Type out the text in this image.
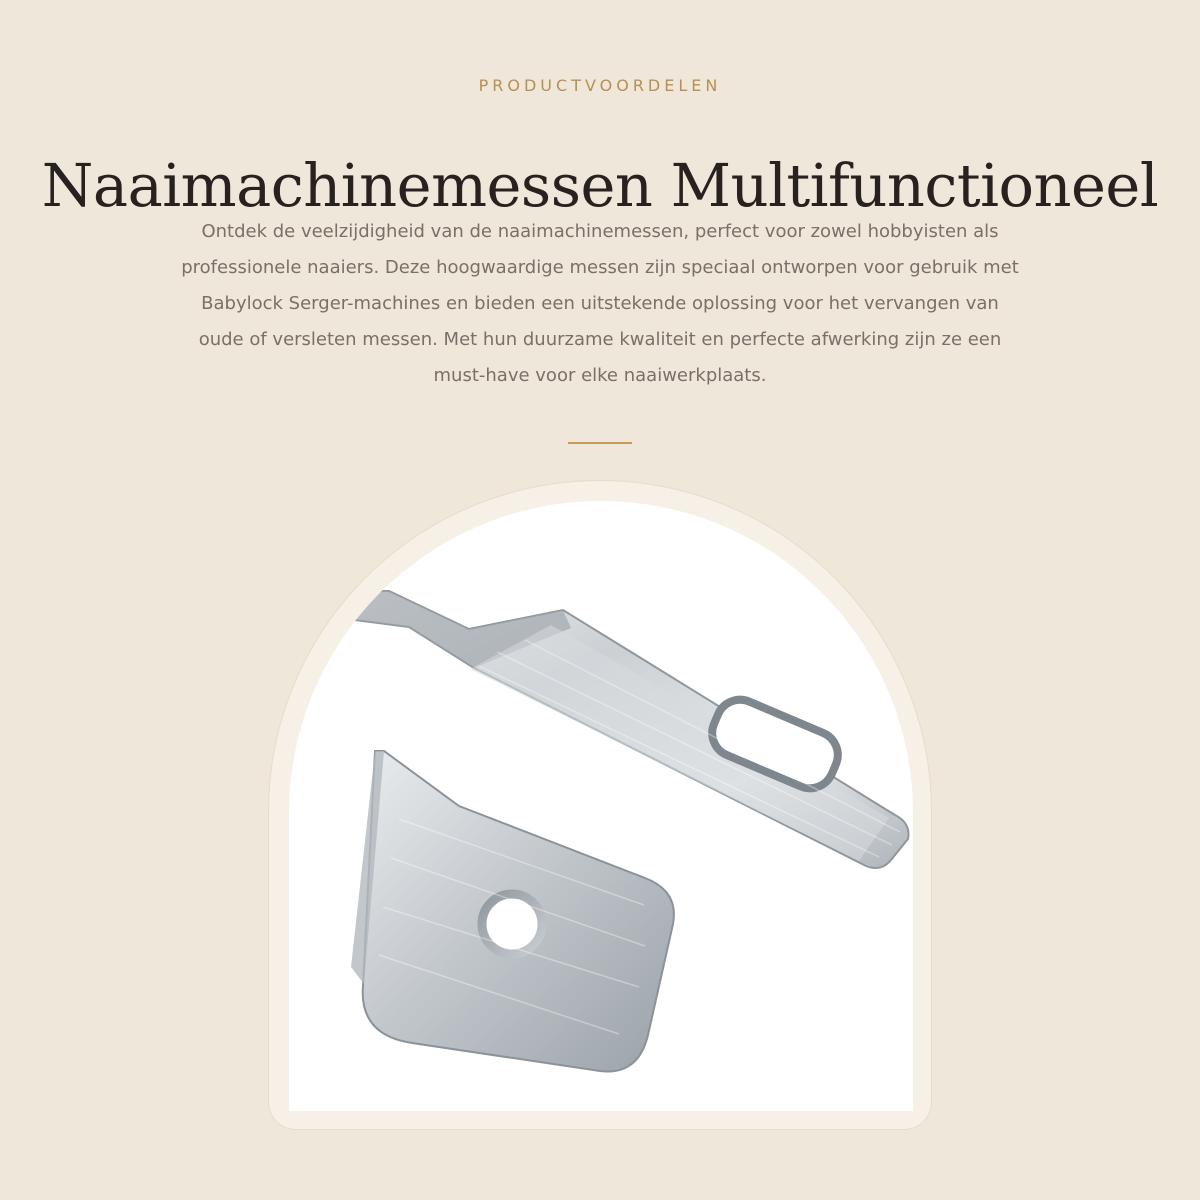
PRODUCTVOORDELEN
Naaimachinemessen Multifunctioneel

Ontdek de veelzijdigheid van de naaimachinemessen, perfect voor zowel hobbyisten als professionele naaiers. Deze hoogwaardige messen zijn speciaal ontworpen voor gebruik met Babylock Serger-machines en bieden een uitstekende oplossing voor het vervangen van oude of versleten messen. Met hun duurzame kwaliteit en perfecte afwerking zijn ze een must-have voor elke naaiwerkplaats.
